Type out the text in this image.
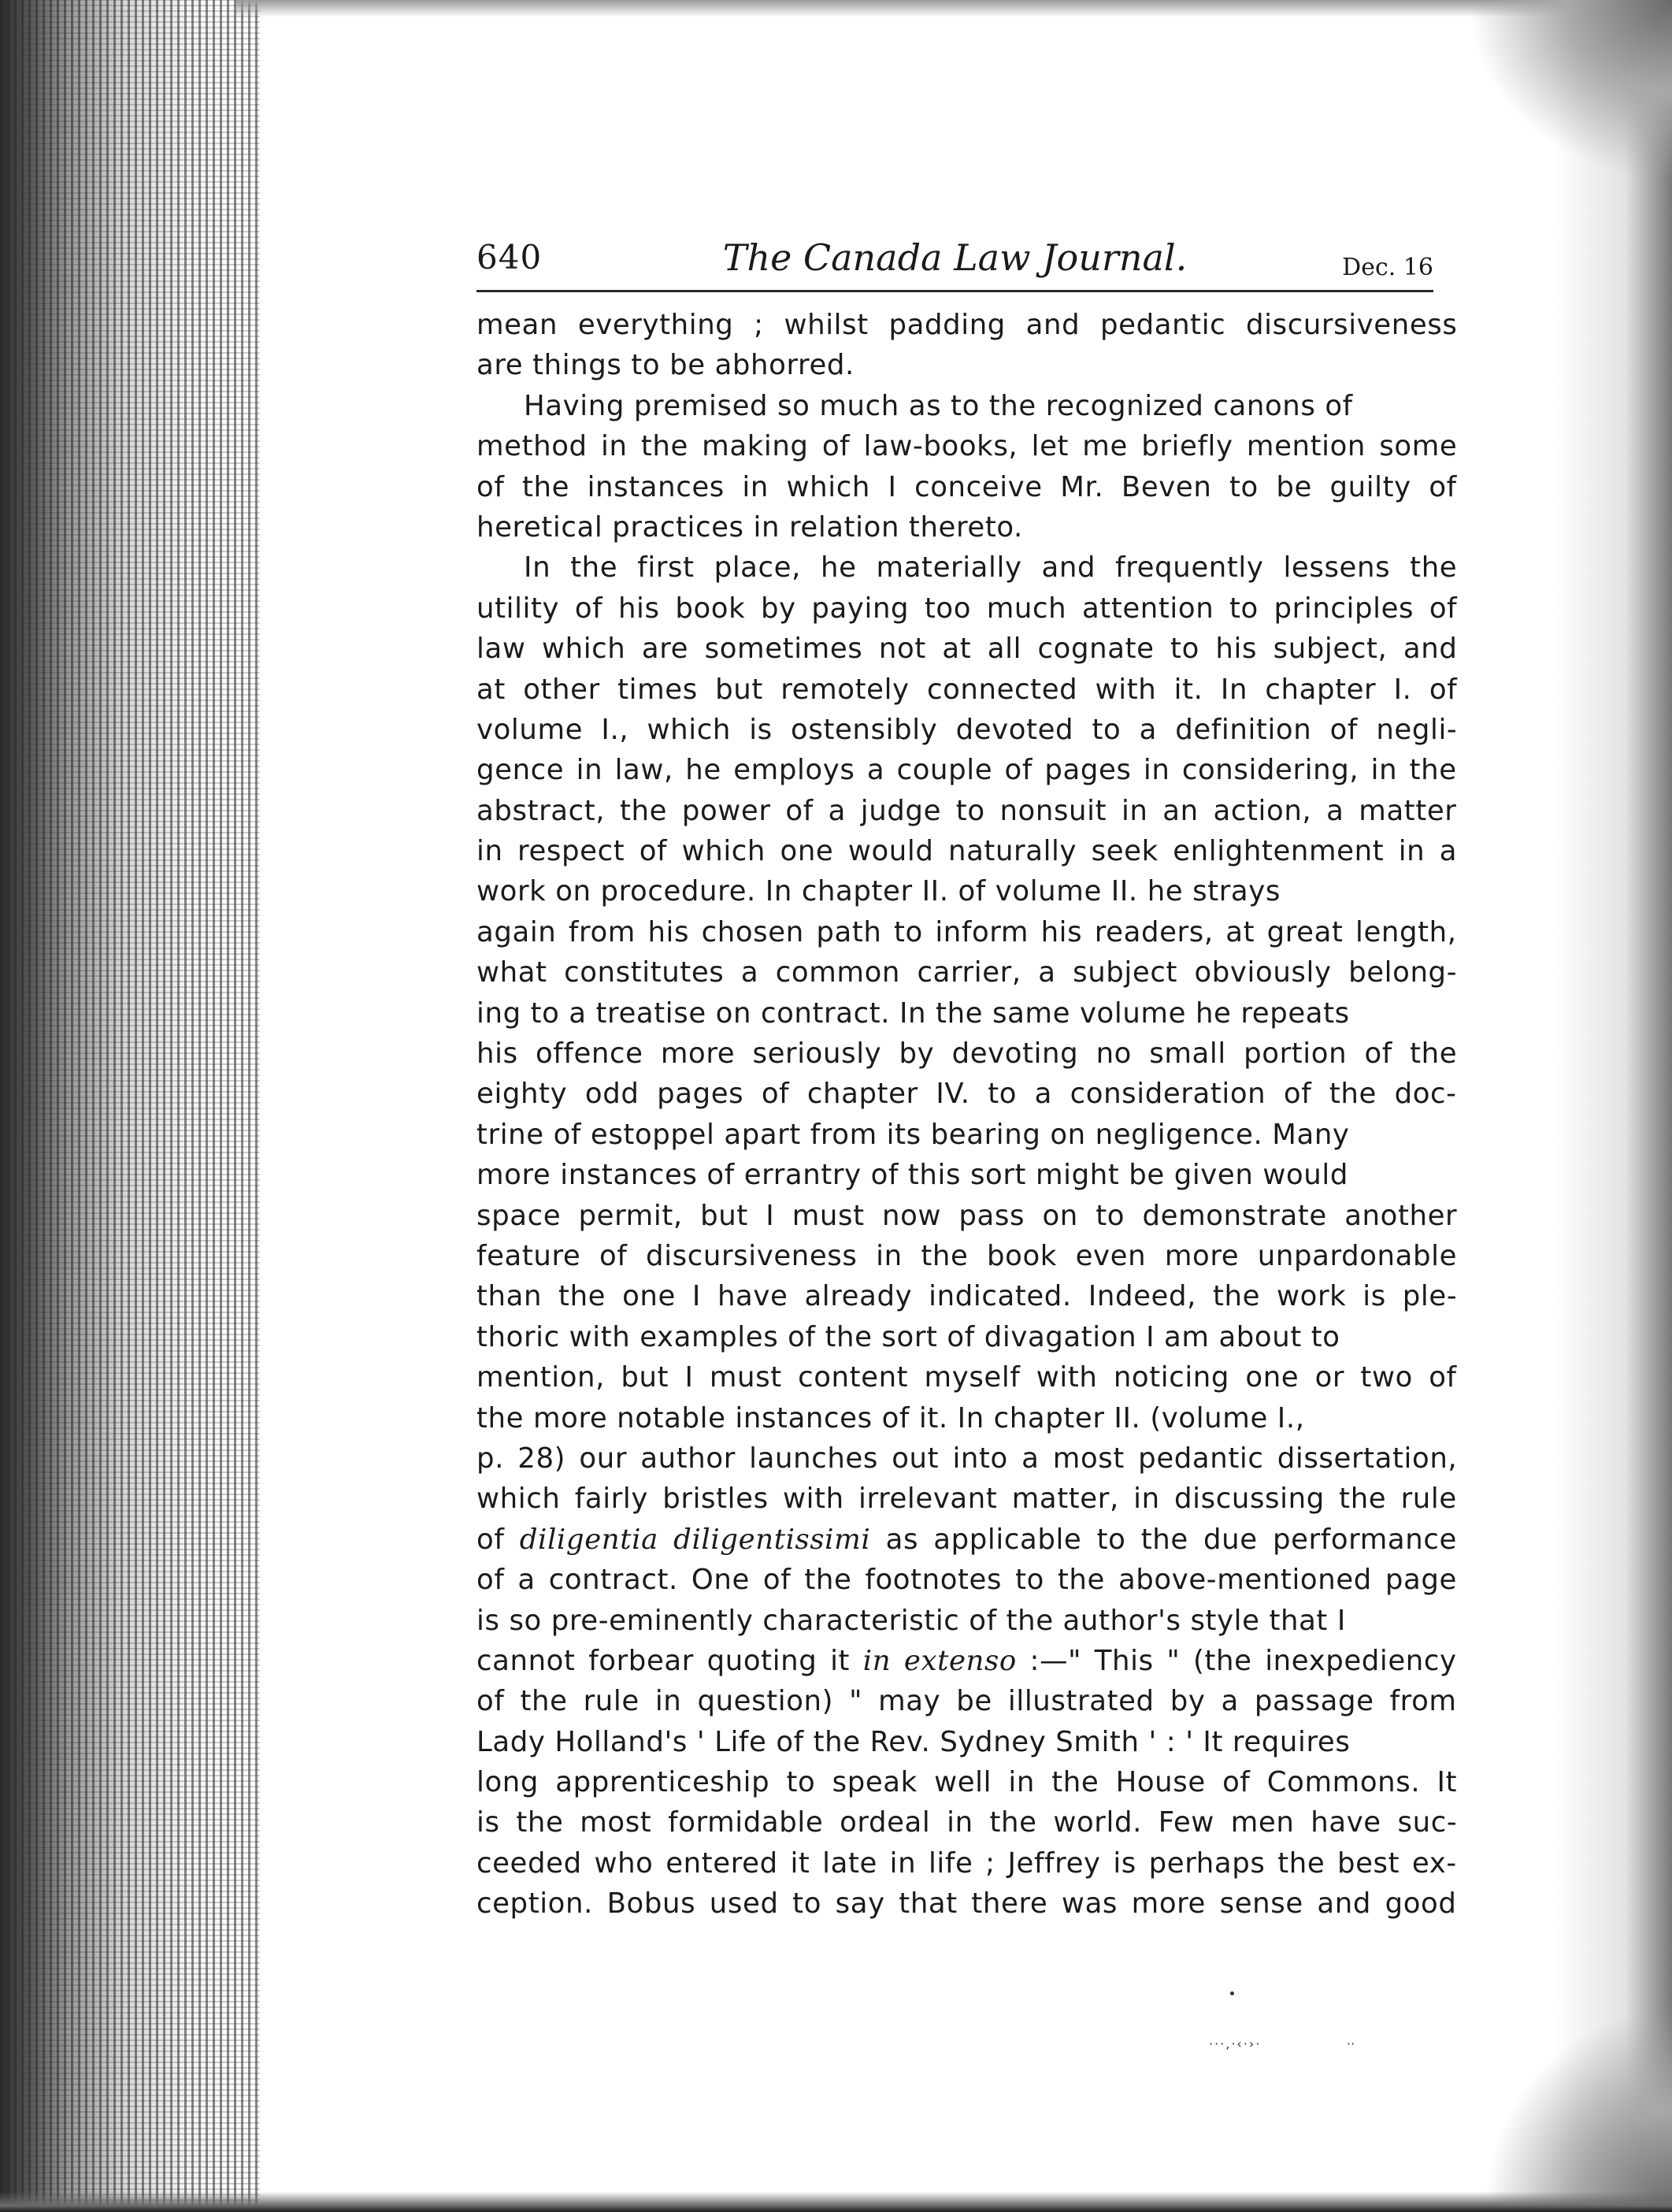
640	The Canada Law Journal.	Dec. 16
mean everything ; whilst padding and pedantic discursiveness
are things to be abhorred.
Having premised so much as to the recognized canons of
method in the making of law-books, let me briefly mention some
of the instances in which I conceive Mr. Beven to be guilty of
heretical practices in relation thereto.
In the first place, he materially and frequently lessens the
utility of his book by paying too much attention to principles of
law which are sometimes not at all cognate to his subject, and
at other times but remotely connected with it. In chapter I. of
volume I., which is ostensibly devoted to a definition of negli-
gence in law, he employs a couple of pages in considering, in the
abstract, the power of a judge to nonsuit in an action, a matter
in respect of which one would naturally seek enlightenment in a
work on procedure. In chapter II. of volume II. he strays
again from his chosen path to inform his readers, at great length,
what constitutes a common carrier, a subject obviously belong-
ing to a treatise on contract. In the same volume he repeats
his offence more seriously by devoting no small portion of the
eighty odd pages of chapter IV. to a consideration of the doc-
trine of estoppel apart from its bearing on negligence. Many
more instances of errantry of this sort might be given would
space permit, but I must now pass on to demonstrate another
feature of discursiveness in the book even more unpardonable
than the one I have already indicated. Indeed, the work is ple-
thoric with examples of the sort of divagation I am about to
mention, but I must content myself with noticing one or two of
the more notable instances of it. In chapter II. (volume I.,
p. 28) our author launches out into a most pedantic dissertation,
which fairly bristles with irrelevant matter, in discussing the rule
of diligentia diligentissimi as applicable to the due performance
of a contract. One of the footnotes to the above-mentioned page
is so pre-eminently characteristic of the author's style that I
cannot forbear quoting it in extenso :—" This " (the inexpediency
of the rule in question) " may be illustrated by a passage from
Lady Holland's ' Life of the Rev. Sydney Smith ' : ' It requires
long apprenticeship to speak well in the House of Commons. It
is the most formidable ordeal in the world. Few men have suc-
ceeded who entered it late in life ; Jeffrey is perhaps the best ex-
ception. Bobus used to say that there was more sense and good
···,·‹·›·	··
